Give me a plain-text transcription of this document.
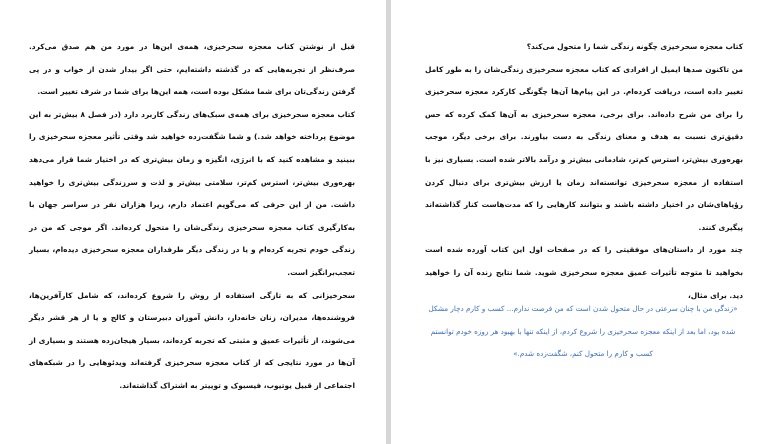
قبل از نوشتن کتاب معجزه سحرخیزی، همه‌ی این‌ها در مورد من هم صدق می‌کرد. صرف‌نظر از تجربه‌هایی که در گذشته داشته‌ایم، حتی اگر بیدار شدن از خواب و در پی گرفتن زندگی‌تان برای شما مشکل بوده است، همه این‌ها برای شما در شرف تغییر است.

کتاب معجزه سحرخیزی برای همه‌ی سبک‌های زندگی کاربرد دارد (در فصل ۸ بیش‌تر به این موضوع پرداخته خواهد شد.) و شما شگفت‌زده خواهید شد وقتی تأثیر معجزه سحرخیزی را ببینید و مشاهده کنید که با انرژی، انگیزه و زمان بیش‌تری که در اختیار شما قرار می‌دهد بهره‌وری بیش‌تر، استرس کم‌تر، سلامتی بیش‌تر و لذت و سرزندگی بیش‌تری را خواهید داشت. من از این حرفی که می‌گویم اعتماد دارم، زیرا هزاران نفر در سراسر جهان با به‌کارگیری کتاب معجزه سحرخیزی زندگی‌شان را متحول کرده‌اند. اگر موجی که من در زندگی خودم تجربه کرده‌ام و یا در زندگی دیگر طرفداران معجزه سحرخیزی دیده‌ام، بسیار تعجب‌برانگیز است.

سحرخیزانی که به تازگی استفاده از روش را شروع کرده‌اند، که شامل کارآفرین‌ها، فروشنده‌ها، مدیران، زنان خانه‌دار، دانش آموزان دبیرستان و کالج و یا از هر قشر دیگر می‌شوند، از تأثیرات عمیق و مثبتی که تجربه کرده‌اند، بسیار هیجان‌زده هستند و بسیاری از آن‌ها در مورد نتایجی که از کتاب معجزه سحرخیزی گرفته‌اند ویدئوهایی را در شبکه‌های اجتماعی از قبیل یوتیوب، فیسبوک و توییتر به اشتراک گذاشته‌اند.

کتاب معجزه سحرخیزی چگونه زندگی شما را متحول می‌کند؟

من تاکنون صدها ایمیل از افرادی که کتاب معجزه سحرخیزی زندگی‌شان را به طور کامل تغییر داده است، دریافت کرده‌ام. در این پیام‌ها آن‌ها چگونگی کارکرد معجزه سحرخیزی را برای من شرح داده‌اند. برای برخی، معجزه سحرخیزی به آن‌ها کمک کرده که حس دقیق‌تری نسبت به هدف و معنای زندگی به دست بیاورند. برای برخی دیگر، موجب بهره‌وری بیش‌تر، استرس کم‌تر، شادمانی بیش‌تر و درآمد بالاتر شده است. بسیاری نیز با استفاده از معجزه سحرخیزی توانسته‌اند زمان یا ارزش بیش‌تری برای دنبال کردن رؤیاهای‌شان در اختیار داشته باشند و بتوانند کارهایی را که مدت‌هاست کنار گذاشته‌اند پیگیری کنند.

چند مورد از داستان‌های موفقیتی را که در صفحات اول این کتاب آورده شده است بخواهید تا متوجه تأثیرات عمیق معجزه سحرخیزی شوید. شما نتایج زنده آن را خواهید دید. برای مثال،

«زندگی من با چنان سرعتی در حال متحول شدن است که من فرصت ندارم... کسب و کارم دچار مشکل شده بود، اما بعد از اینکه معجزه سحرخیزی را شروع کردم، از اینکه تنها با بهبود هر روزه خودم توانستم کسب و کارم را متحول کنم، شگفت‌زده شدم.»
